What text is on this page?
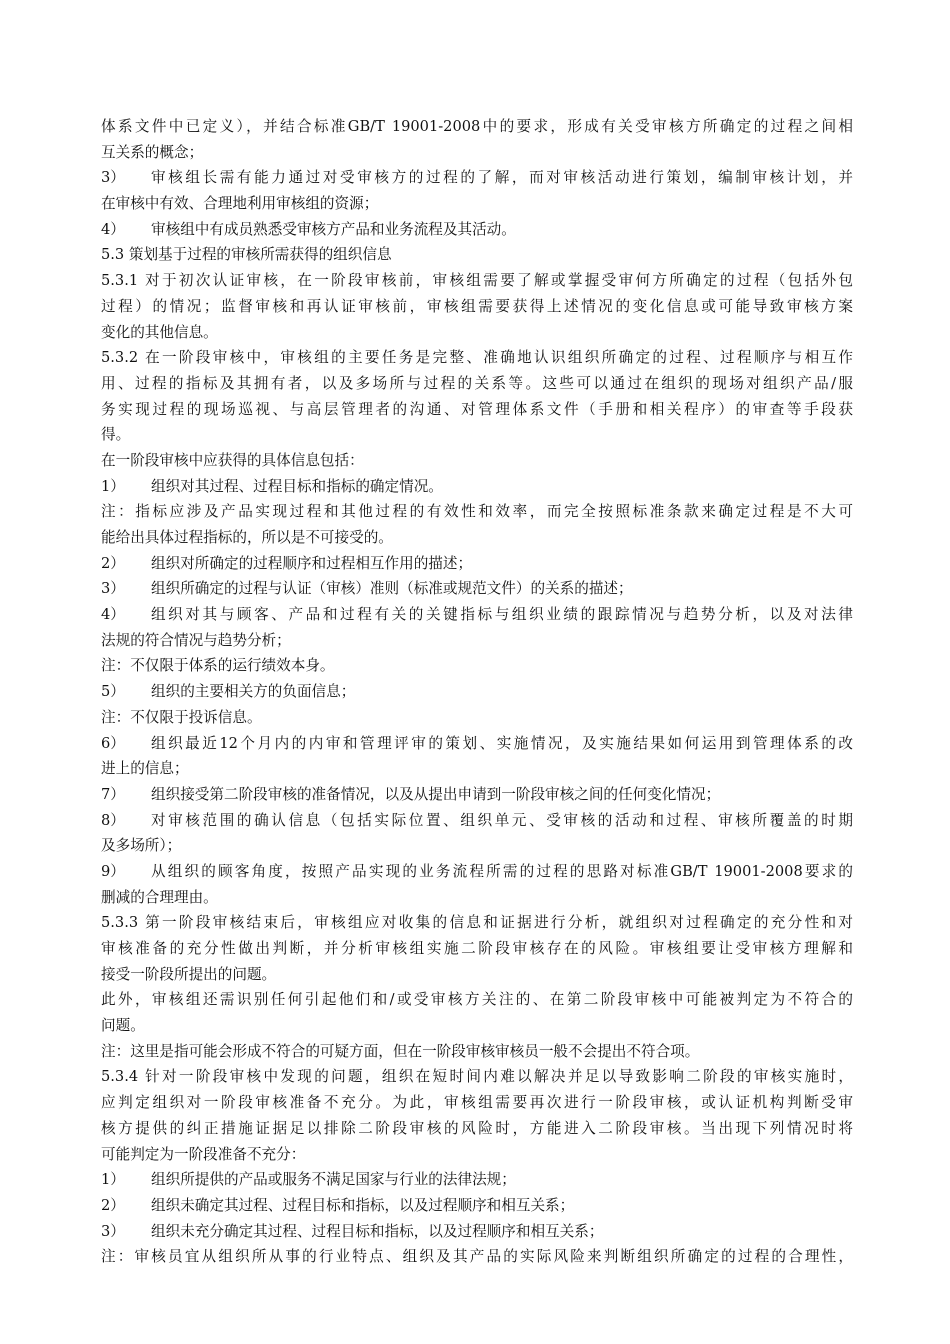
体系文件中已定义），并结合标准GB/T 19001-2008中的要求，形成有关受审核方所确定的过程之间相
互关系的概念；
3） 审核组长需有能力通过对受审核方的过程的了解，而对审核活动进行策划，编制审核计划，并
在审核中有效、合理地利用审核组的资源；
4） 审核组中有成员熟悉受审核方产品和业务流程及其活动。
5.3 策划基于过程的审核所需获得的组织信息
5.3.1 对于初次认证审核，在一阶段审核前，审核组需要了解或掌握受审何方所确定的过程（包括外包
过程）的情况；监督审核和再认证审核前，审核组需要获得上述情况的变化信息或可能导致审核方案
变化的其他信息。
5.3.2 在一阶段审核中，审核组的主要任务是完整、准确地认识组织所确定的过程、过程顺序与相互作
用、过程的指标及其拥有者，以及多场所与过程的关系等。这些可以通过在组织的现场对组织产品/服
务实现过程的现场巡视、与高层管理者的沟通、对管理体系文件（手册和相关程序）的审查等手段获
得。
在一阶段审核中应获得的具体信息包括：
1） 组织对其过程、过程目标和指标的确定情况。
注：指标应涉及产品实现过程和其他过程的有效性和效率，而完全按照标准条款来确定过程是不大可
能给出具体过程指标的，所以是不可接受的。
2） 组织对所确定的过程顺序和过程相互作用的描述；
3） 组织所确定的过程与认证（审核）准则（标准或规范文件）的关系的描述；
4） 组织对其与顾客、产品和过程有关的关键指标与组织业绩的跟踪情况与趋势分析，以及对法律
法规的符合情况与趋势分析；
注：不仅限于体系的运行绩效本身。
5） 组织的主要相关方的负面信息；
注：不仅限于投诉信息。
6） 组织最近12个月内的内审和管理评审的策划、实施情况，及实施结果如何运用到管理体系的改
进上的信息；
7） 组织接受第二阶段审核的准备情况，以及从提出申请到一阶段审核之间的任何变化情况；
8） 对审核范围的确认信息（包括实际位置、组织单元、受审核的活动和过程、审核所覆盖的时期
及多场所）；
9） 从组织的顾客角度，按照产品实现的业务流程所需的过程的思路对标准GB/T 19001-2008要求的
删减的合理理由。
5.3.3 第一阶段审核结束后，审核组应对收集的信息和证据进行分析，就组织对过程确定的充分性和对
审核准备的充分性做出判断，并分析审核组实施二阶段审核存在的风险。审核组要让受审核方理解和
接受一阶段所提出的问题。
此外，审核组还需识别任何引起他们和/或受审核方关注的、在第二阶段审核中可能被判定为不符合的
问题。
注：这里是指可能会形成不符合的可疑方面，但在一阶段审核审核员一般不会提出不符合项。
5.3.4 针对一阶段审核中发现的问题，组织在短时间内难以解决并足以导致影响二阶段的审核实施时，
应判定组织对一阶段审核准备不充分。为此，审核组需要再次进行一阶段审核，或认证机构判断受审
核方提供的纠正措施证据足以排除二阶段审核的风险时，方能进入二阶段审核。当出现下列情况时将
可能判定为一阶段准备不充分：
1） 组织所提供的产品或服务不满足国家与行业的法律法规；
2） 组织未确定其过程、过程目标和指标，以及过程顺序和相互关系；
3） 组织未充分确定其过程、过程目标和指标，以及过程顺序和相互关系；
注：审核员宜从组织所从事的行业特点、组织及其产品的实际风险来判断组织所确定的过程的合理性，
